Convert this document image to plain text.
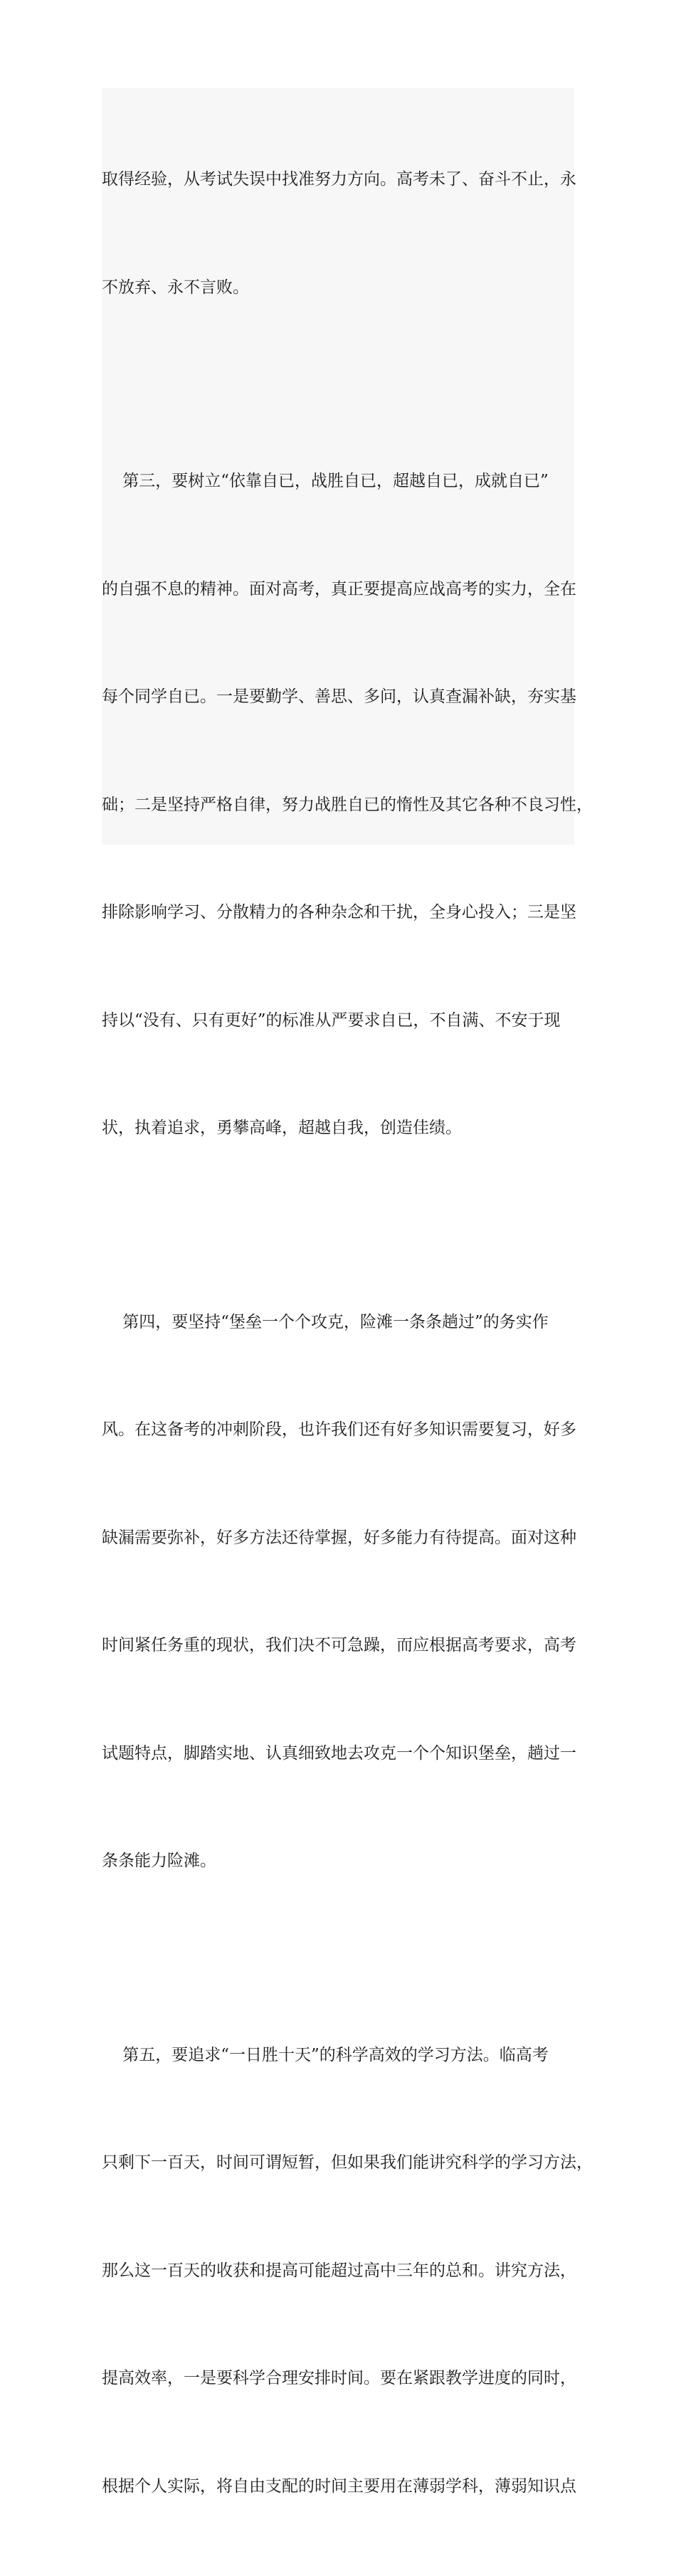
取得经验，从考试失误中找准努力方向。高考未了、奋斗不止，永

不放弃、永不言败。

第三，要树立“依靠自已，战胜自已，超越自已，成就自已”

的自强不息的精神。面对高考，真正要提高应战高考的实力，全在

每个同学自已。一是要勤学、善思、多问，认真查漏补缺，夯实基

础；二是坚持严格自律，努力战胜自已的惰性及其它各种不良习性，

排除影响学习、分散精力的各种杂念和干扰，全身心投入；三是坚

持以“没有、只有更好”的标准从严要求自已，不自满、不安于现

状，执着追求，勇攀高峰，超越自我，创造佳绩。

第四，要坚持“堡垒一个个攻克，险滩一条条趟过”的务实作

风。在这备考的冲刺阶段，也许我们还有好多知识需要复习，好多

缺漏需要弥补，好多方法还待掌握，好多能力有待提高。面对这种

时间紧任务重的现状，我们决不可急躁，而应根据高考要求，高考

试题特点，脚踏实地、认真细致地去攻克一个个知识堡垒，趟过一

条条能力险滩。

第五，要追求“一日胜十天”的科学高效的学习方法。临高考

只剩下一百天，时间可谓短暂，但如果我们能讲究科学的学习方法，

那么这一百天的收获和提高可能超过高中三年的总和。讲究方法，

提高效率，一是要科学合理安排时间。要在紧跟教学进度的同时，

根据个人实际，将自由支配的时间主要用在薄弱学科，薄弱知识点
